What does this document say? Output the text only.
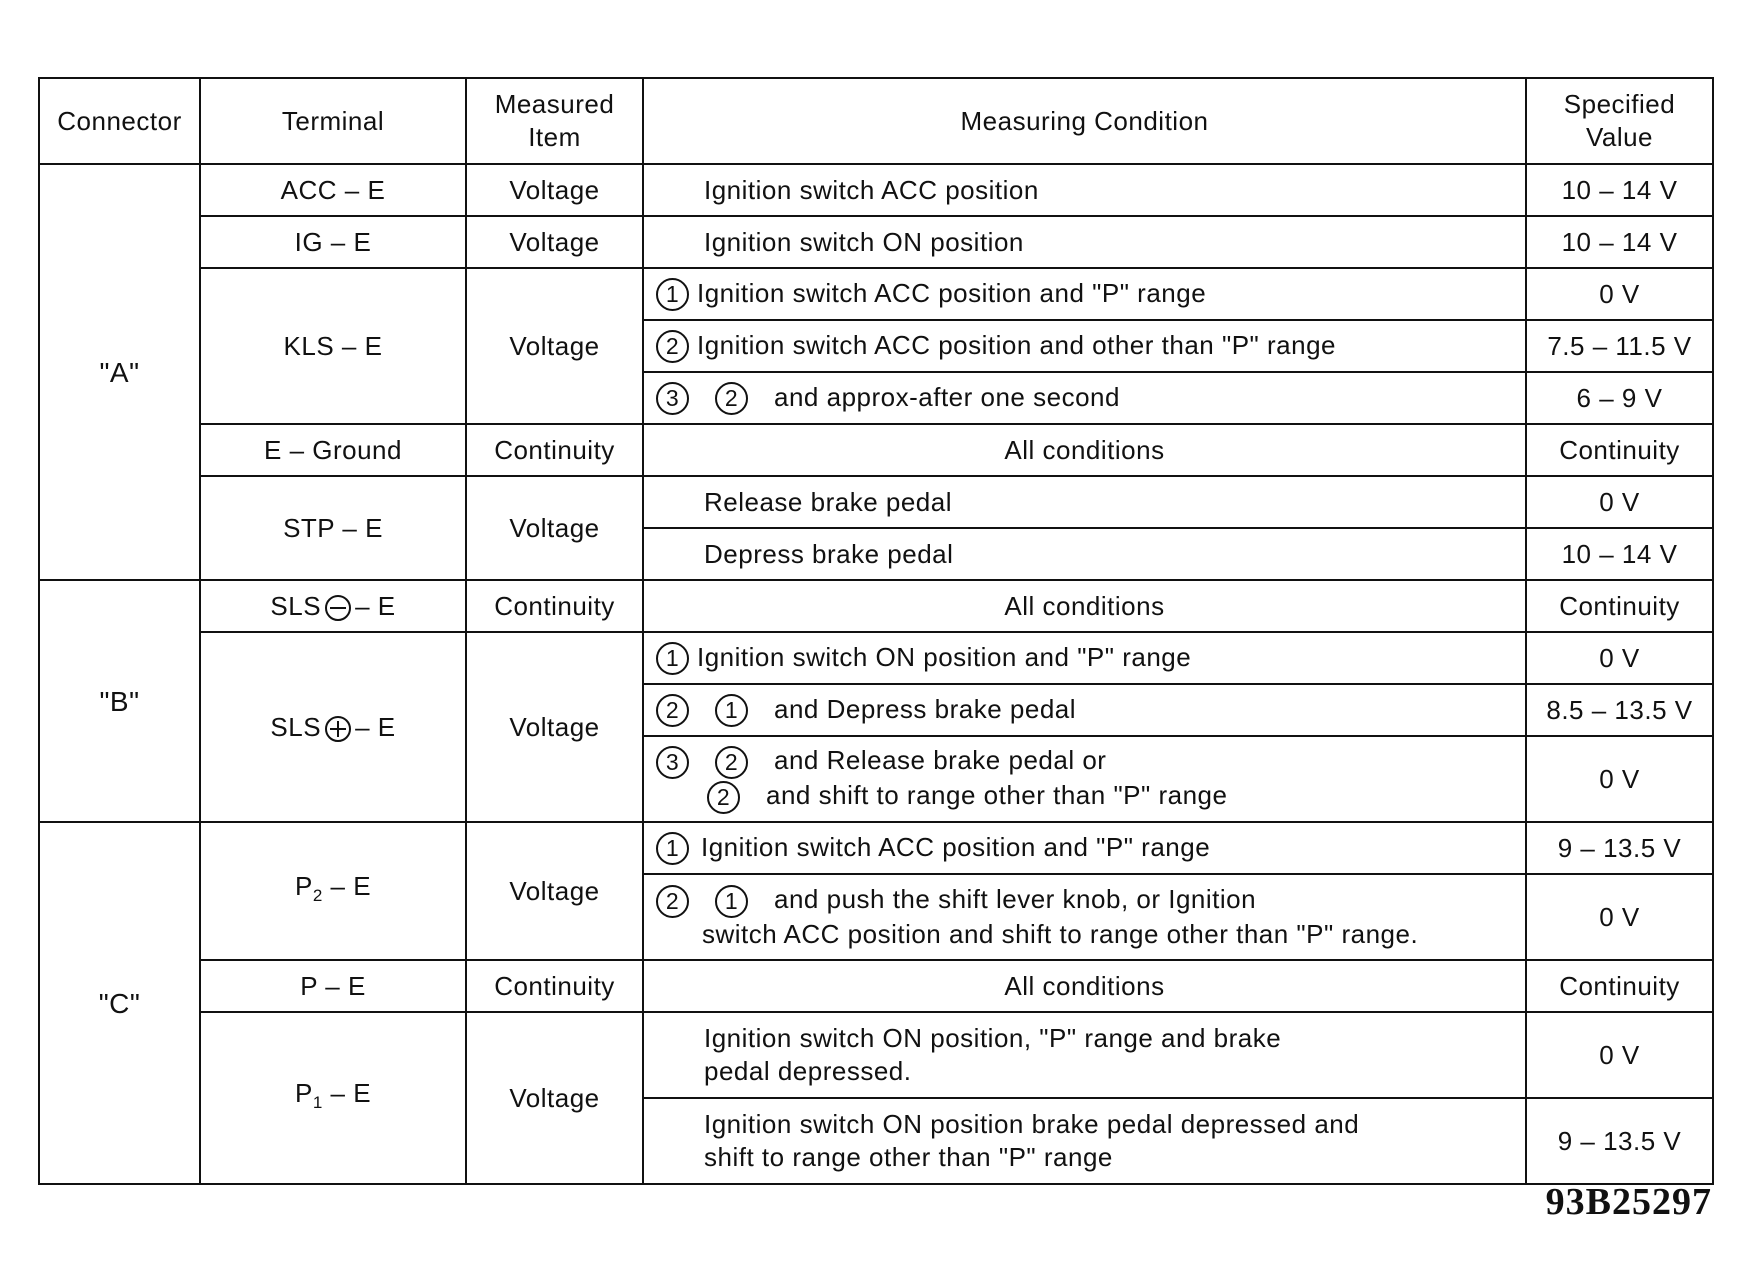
Connector	Terminal	Measured Item	Measuring Condition	Specified Value
"A"	ACC – E	Voltage	Ignition switch ACC position	10 – 14 V
	IG – E	Voltage	Ignition switch ON position	10 – 14 V
	KLS – E	Voltage	1 Ignition switch ACC position and "P" range	0 V
			2 Ignition switch ACC position and other than "P" range	7.5 – 11.5 V
			3 2 and approx-after one second	6 – 9 V
	E – Ground	Continuity	All conditions	Continuity
	STP – E	Voltage	Release brake pedal	0 V
			Depress brake pedal	10 – 14 V
"B"	SLS – E	Continuity	All conditions	Continuity
	SLS – E	Voltage	1 Ignition switch ON position and "P" range	0 V
			2 1 and Depress brake pedal	8.5 – 13.5 V

			3 2 and Release brake pedal or
2 and shift to range other than "P" range	0 V
"C"	$P_2$ – E	Voltage	1 Ignition switch ACC position and "P" range	9 – 13.5 V

			2 1 and push the shift lever knob, or Ignition
switch ACC position and shift to range other than "P" range.	0 V
	P – E	Continuity	All conditions	Continuity
	$P_1$ – E	Voltage	Ignition switch ON position, "P" range and brake
pedal depressed.	0 V

			Ignition switch ON position brake pedal depressed and
shift to range other than "P" range	9 – 13.5 V
93B25297
